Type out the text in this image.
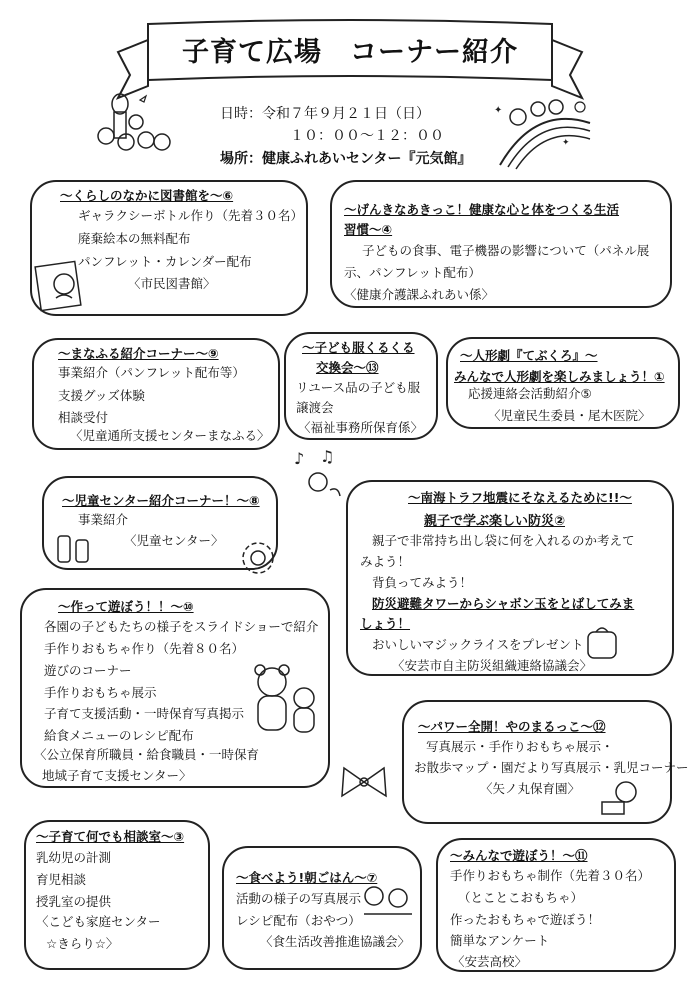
子育て広場　コーナー紹介
✦
✦
日時：令和７年９月２１日（日）
１０：００～１２：００
場所：健康ふれあいセンター『元気館』
～くらしのなかに図書館を～⑥
ギャラクシーボトル作り（先着３０名）
廃棄絵本の無料配布
パンフレット・カレンダー配布
〈市民図書館〉
～げんきなあきっこ！健康な心と体をつくる生活
習慣～④
子どもの食事、電子機器の影響について（パネル展
示、パンフレット配布）
〈健康介護課ふれあい係〉
～まなふる紹介コーナー～⑨
事業紹介（パンフレット配布等）
支援グッズ体験
相談受付
〈児童通所支援センターまなふる〉
～子ども服くるくる
交換会～⑬
リユース品の子ども服
譲渡会
〈福祉事務所保育係〉
～人形劇『てぶくろ』～
みんなで人形劇を楽しみましょう！①
応援連絡会活動紹介⑤
〈児童民生委員・尾木医院〉
♪ ♫
～児童センター紹介コーナー！～⑧
事業紹介
〈児童センター〉
～南海トラフ地震にそなえるために!!～
親子で学ぶ楽しい防災②
親子で非常持ち出し袋に何を入れるのか考えて
みよう！
背負ってみよう！
防災避難タワーからシャボン玉をとばしてみま
しょう！
おいしいマジックライスをプレゼント
〈安芸市自主防災組織連絡協議会〉
～作って遊ぼう！！～⑩
各園の子どもたちの様子をスライドショーで紹介
手作りおもちゃ作り（先着８０名）
遊びのコーナー
手作りおもちゃ展示
子育て支援活動・一時保育写真掲示
給食メニューのレシピ配布
〈公立保育所職員・給食職員・一時保育
地域子育て支援センター〉
～パワー全開！やのまるっこ～⑫
写真展示・手作りおもちゃ展示・
お散歩マップ・園だより写真展示・乳児コーナー
〈矢ノ丸保育園〉
～子育て何でも相談室～③
乳幼児の計測
育児相談
授乳室の提供
〈こども家庭センター
☆きらり☆〉
～食べよう!朝ごはん～⑦
活動の様子の写真展示
レシピ配布（おやつ）
〈食生活改善推進協議会〉
～みんなで遊ぼう！～⑪
手作りおもちゃ制作（先着３０名）
（とことこおもちゃ）
作ったおもちゃで遊ぼう！
簡単なアンケート
〈安芸高校〉
